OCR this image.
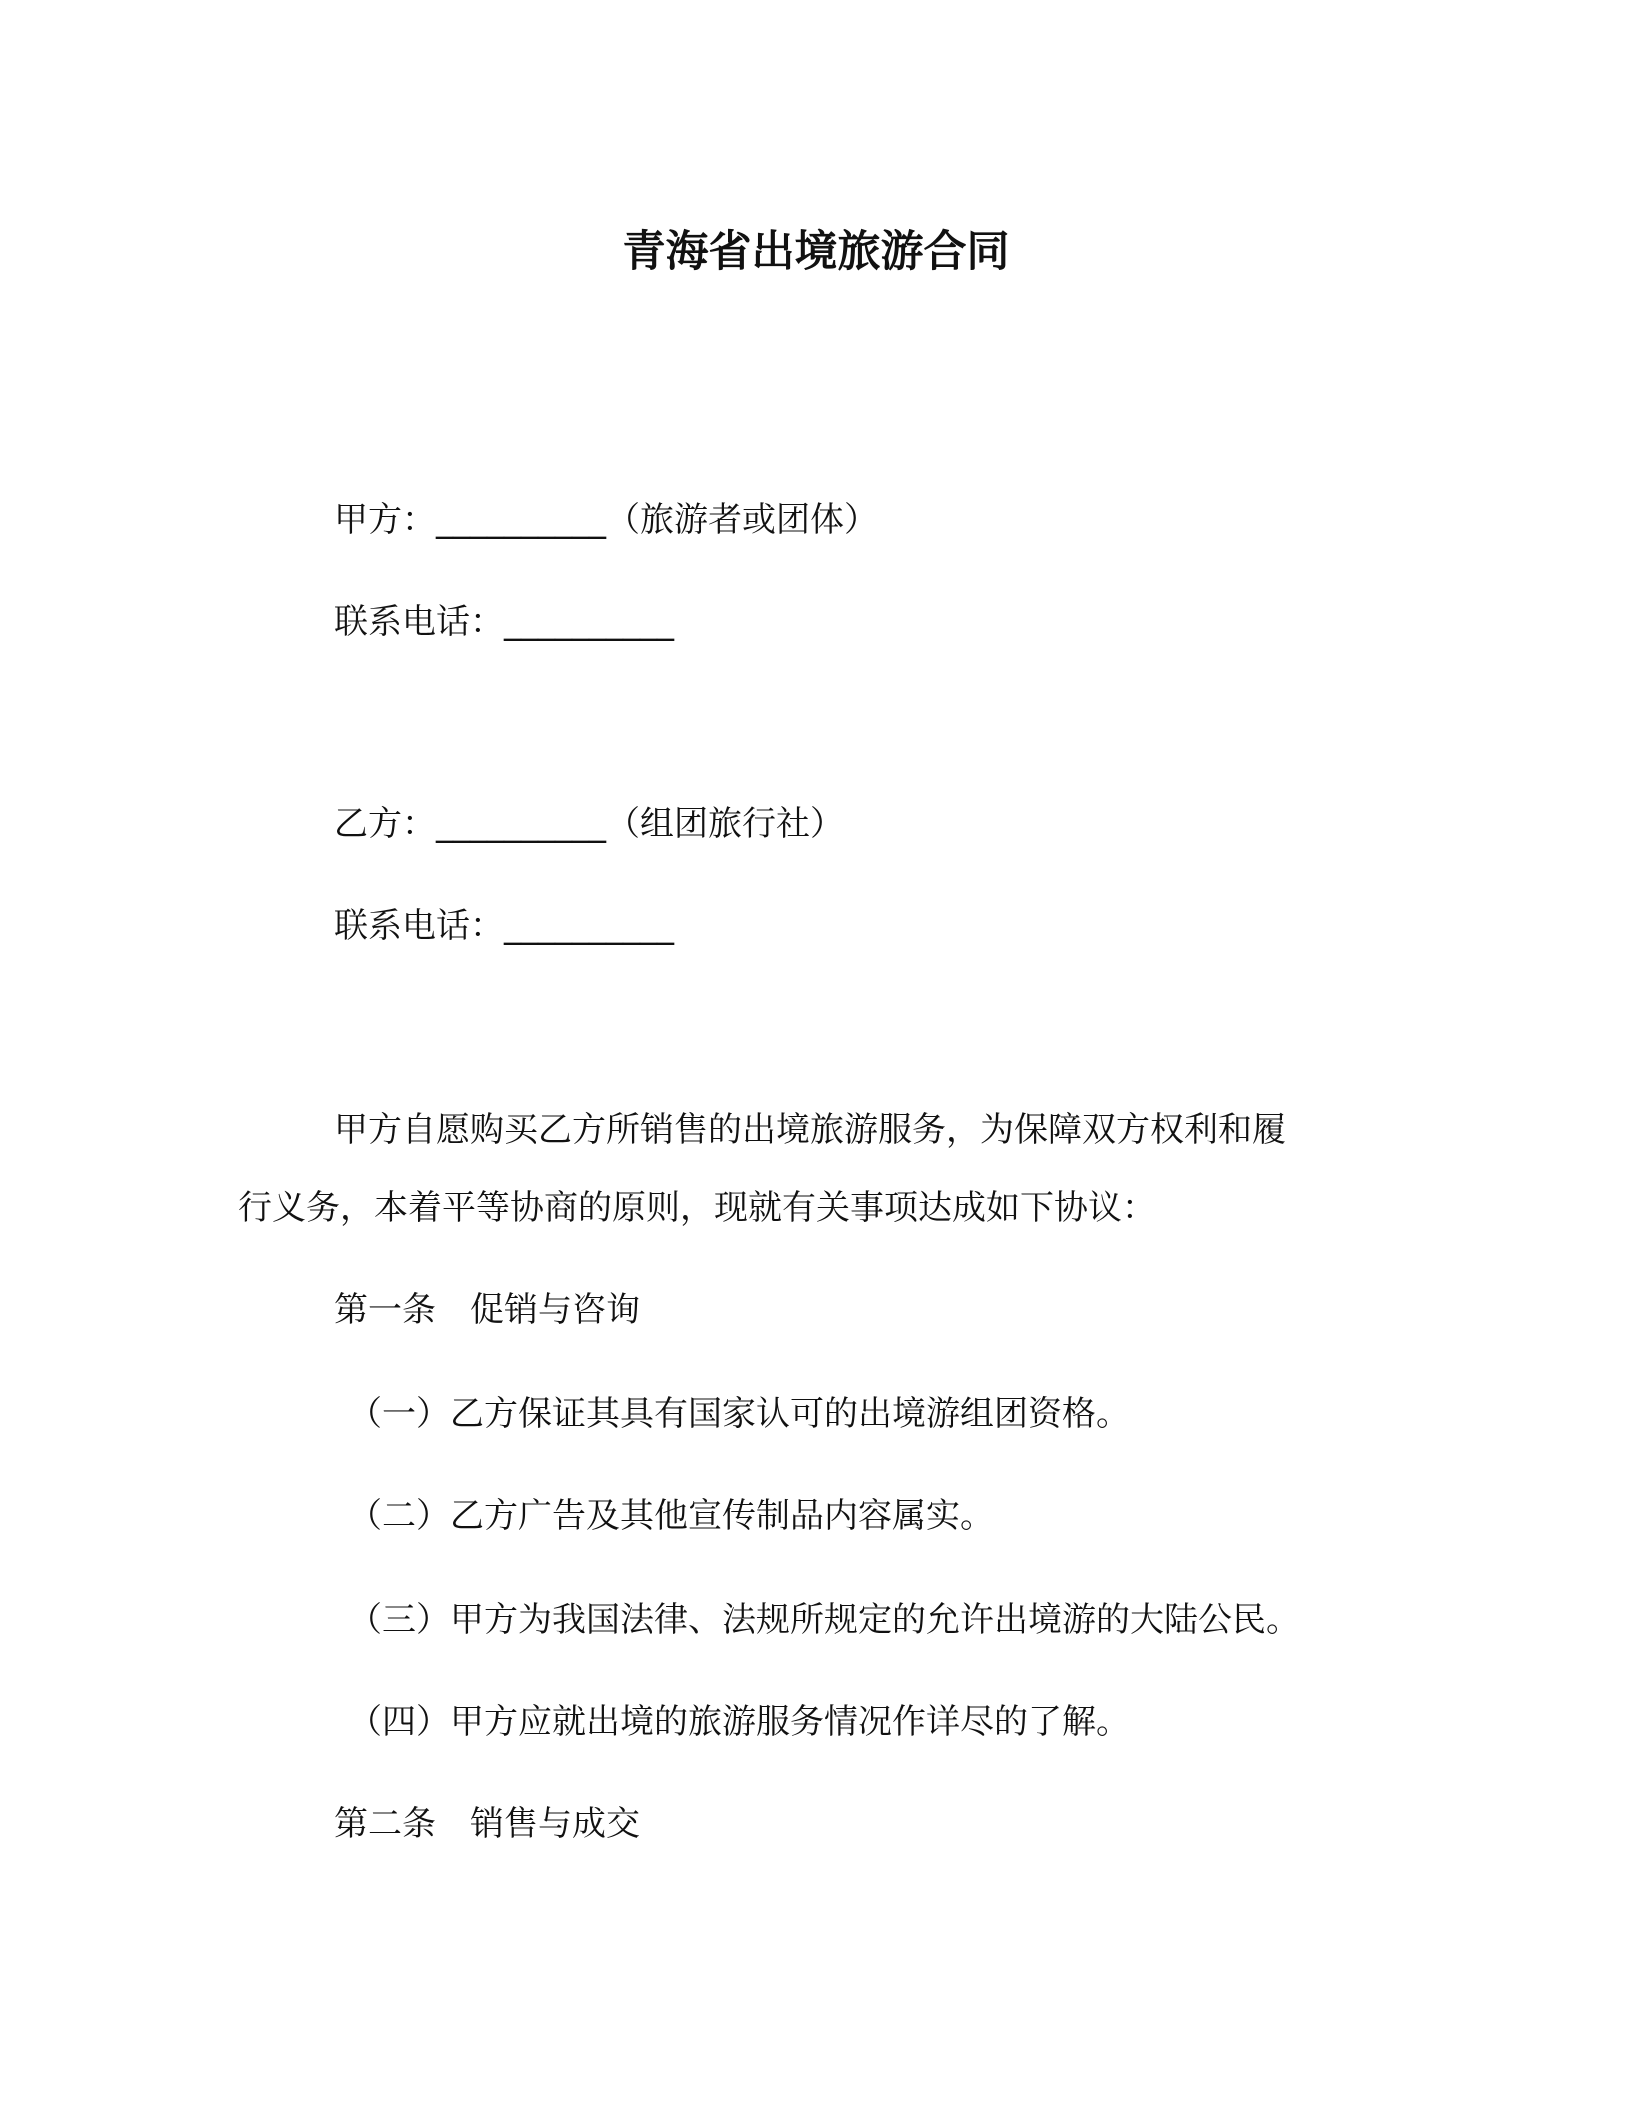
青海省出境旅游合同
甲方：__________（旅游者或团体）
联系电话：__________
乙方：__________（组团旅行社）
联系电话：__________
甲方自愿购买乙方所销售的出境旅游服务，为保障双方权利和履
行义务，本着平等协商的原则，现就有关事项达成如下协议：
第一条　促销与咨询
（一）乙方保证其具有国家认可的出境游组团资格。
（二）乙方广告及其他宣传制品内容属实。
（三）甲方为我国法律、法规所规定的允许出境游的大陆公民。
（四）甲方应就出境的旅游服务情况作详尽的了解。
第二条　销售与成交
